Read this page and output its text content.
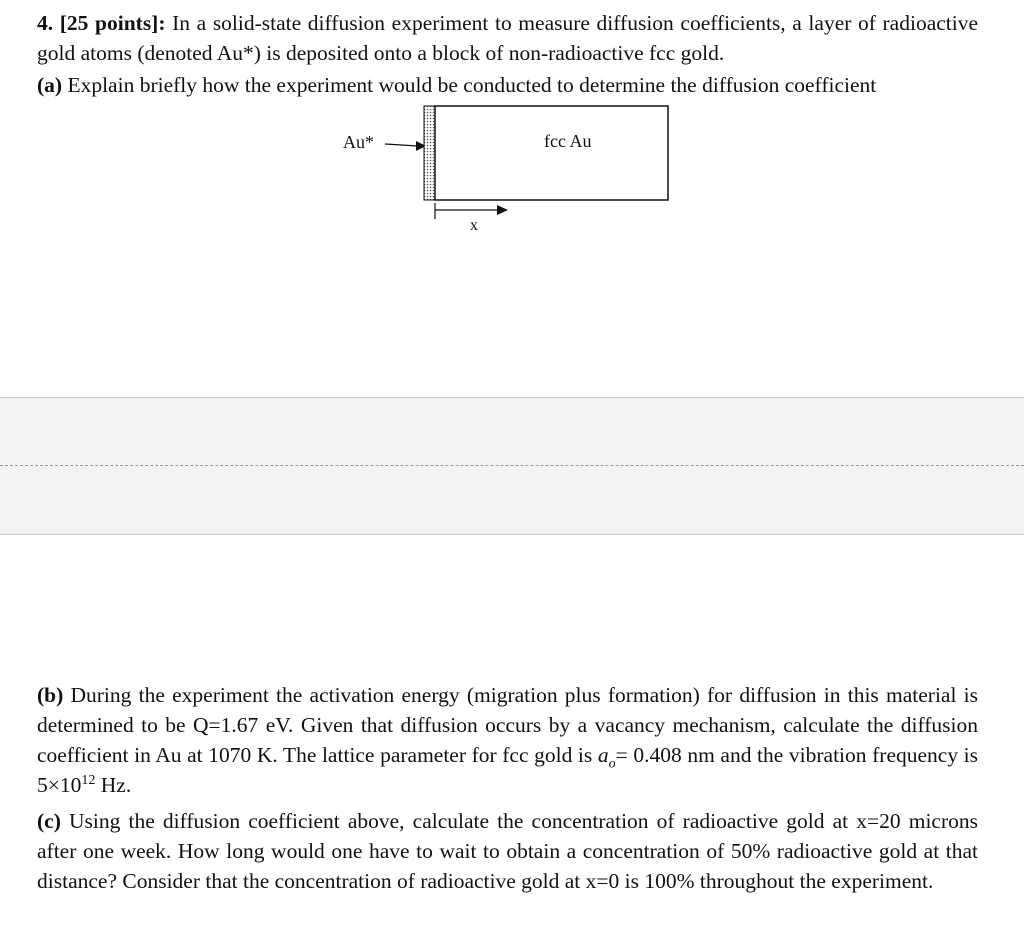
4. [25 points]: In a solid-state diffusion experiment to measure diffusion coefficients, a layer of radioactive gold atoms (denoted Au*) is deposited onto a block of non-radioactive fcc gold.

(a) Explain briefly how the experiment would be conducted to determine the diffusion coefficient

Au*	fcc Au
x

(b) During the experiment the activation energy (migration plus formation) for diffusion in this material is determined to be Q=1.67 eV. Given that diffusion occurs by a vacancy mechanism, calculate the diffusion coefficient in Au at 1070 K. The lattice parameter for fcc gold is $a_o= 0.408$ nm and the vibration frequency is $5\times 10^{12}$ Hz.

(c) Using the diffusion coefficient above, calculate the concentration of radioactive gold at x=20 microns after one week. How long would one have to wait to obtain a concentration of 50% radioactive gold at that distance? Consider that the concentration of radioactive gold at x=0 is 100% throughout the experiment.
